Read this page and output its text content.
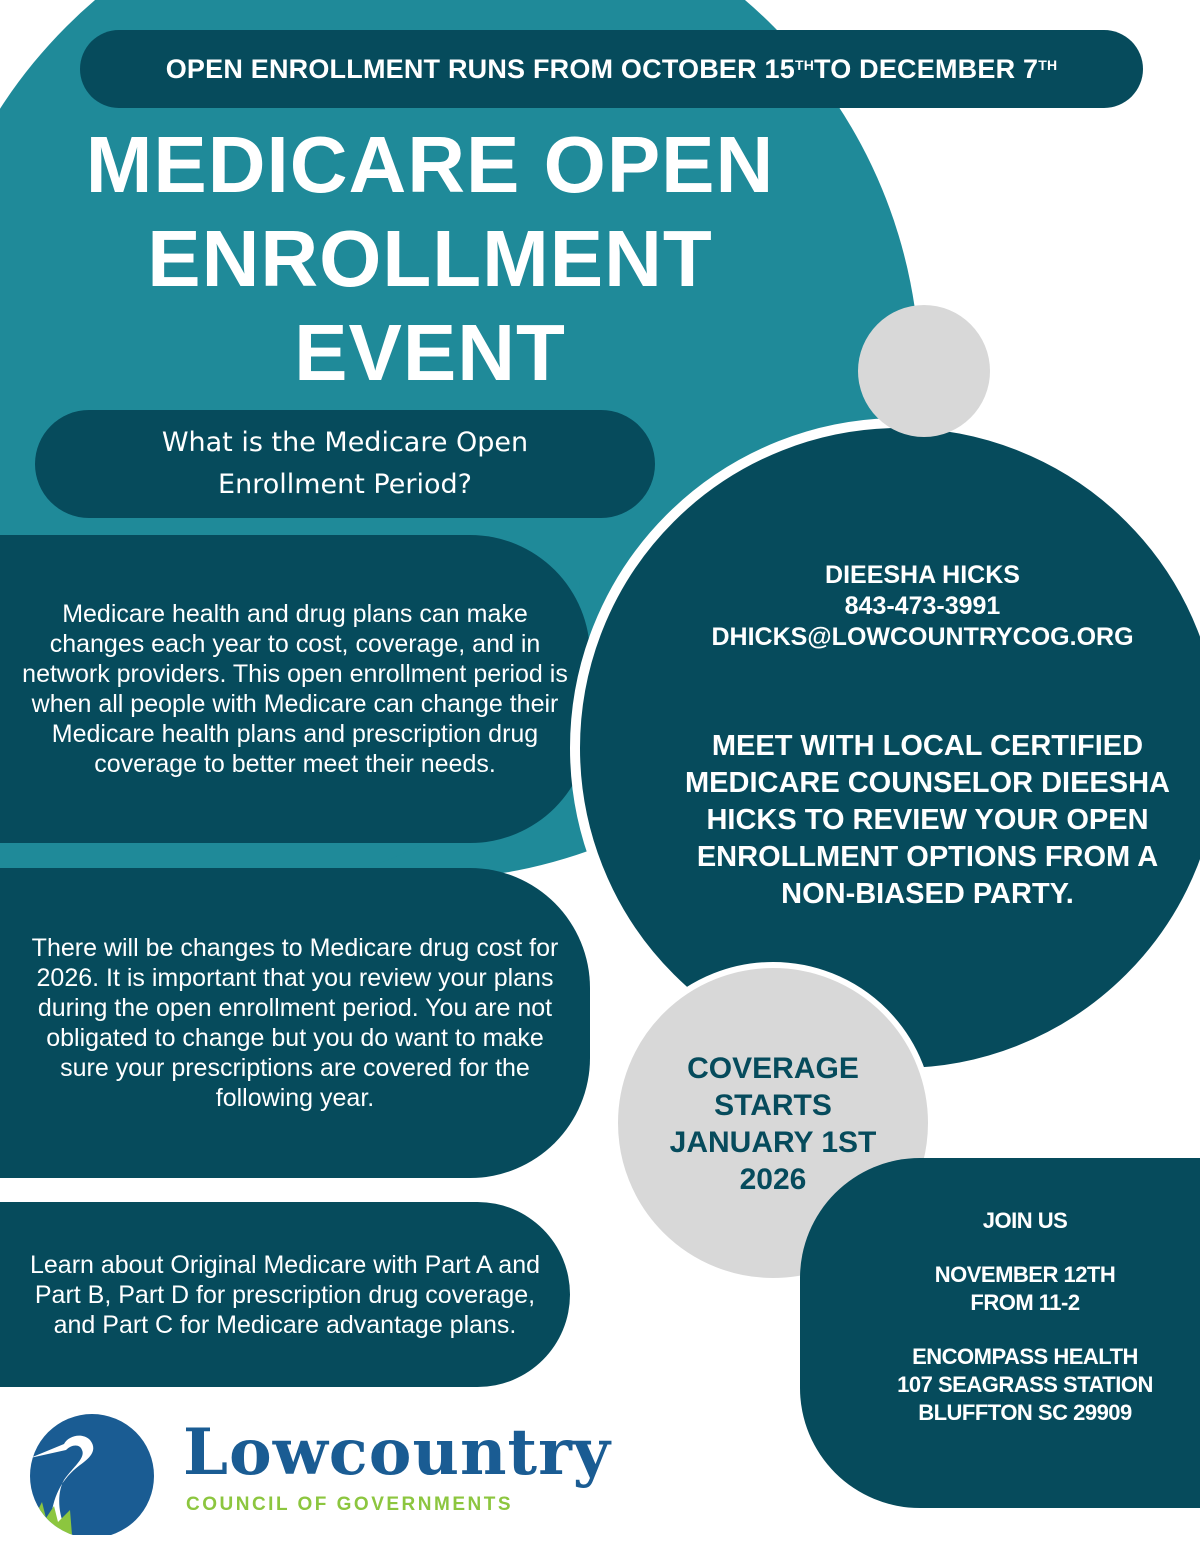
OPEN ENROLLMENT RUNS FROM OCTOBER 15TH TO DECEMBER 7TH
MEDICARE OPEN
ENROLLMENT
EVENT
What is the Medicare Open Enrollment Period?
Medicare health and drug plans can make changes each year to cost, coverage, and in network providers. This open enrollment period is when all people with Medicare can change their Medicare health plans and prescription drug coverage to better meet their needs.
There will be changes to Medicare drug cost for 2026. It is important that you review your plans during the open enrollment period. You are not obligated to change but you do want to make sure your prescriptions are covered for the following year.
Learn about Original Medicare with Part A and Part B, Part D for prescription drug coverage, and Part C for Medicare advantage plans.
DIEESHA HICKS
843-473-3991
DHICKS@LOWCOUNTRYCOG.ORG
MEET WITH LOCAL CERTIFIED MEDICARE COUNSELOR DIEESHA HICKS TO REVIEW YOUR OPEN ENROLLMENT OPTIONS FROM A NON-BIASED PARTY.
COVERAGE
STARTS
JANUARY 1ST
2026
JOIN US
NOVEMBER 12TH
FROM 11-2
ENCOMPASS HEALTH
107 SEAGRASS STATION
BLUFFTON SC 29909
Lowcountry
COUNCIL OF GOVERNMENTS
